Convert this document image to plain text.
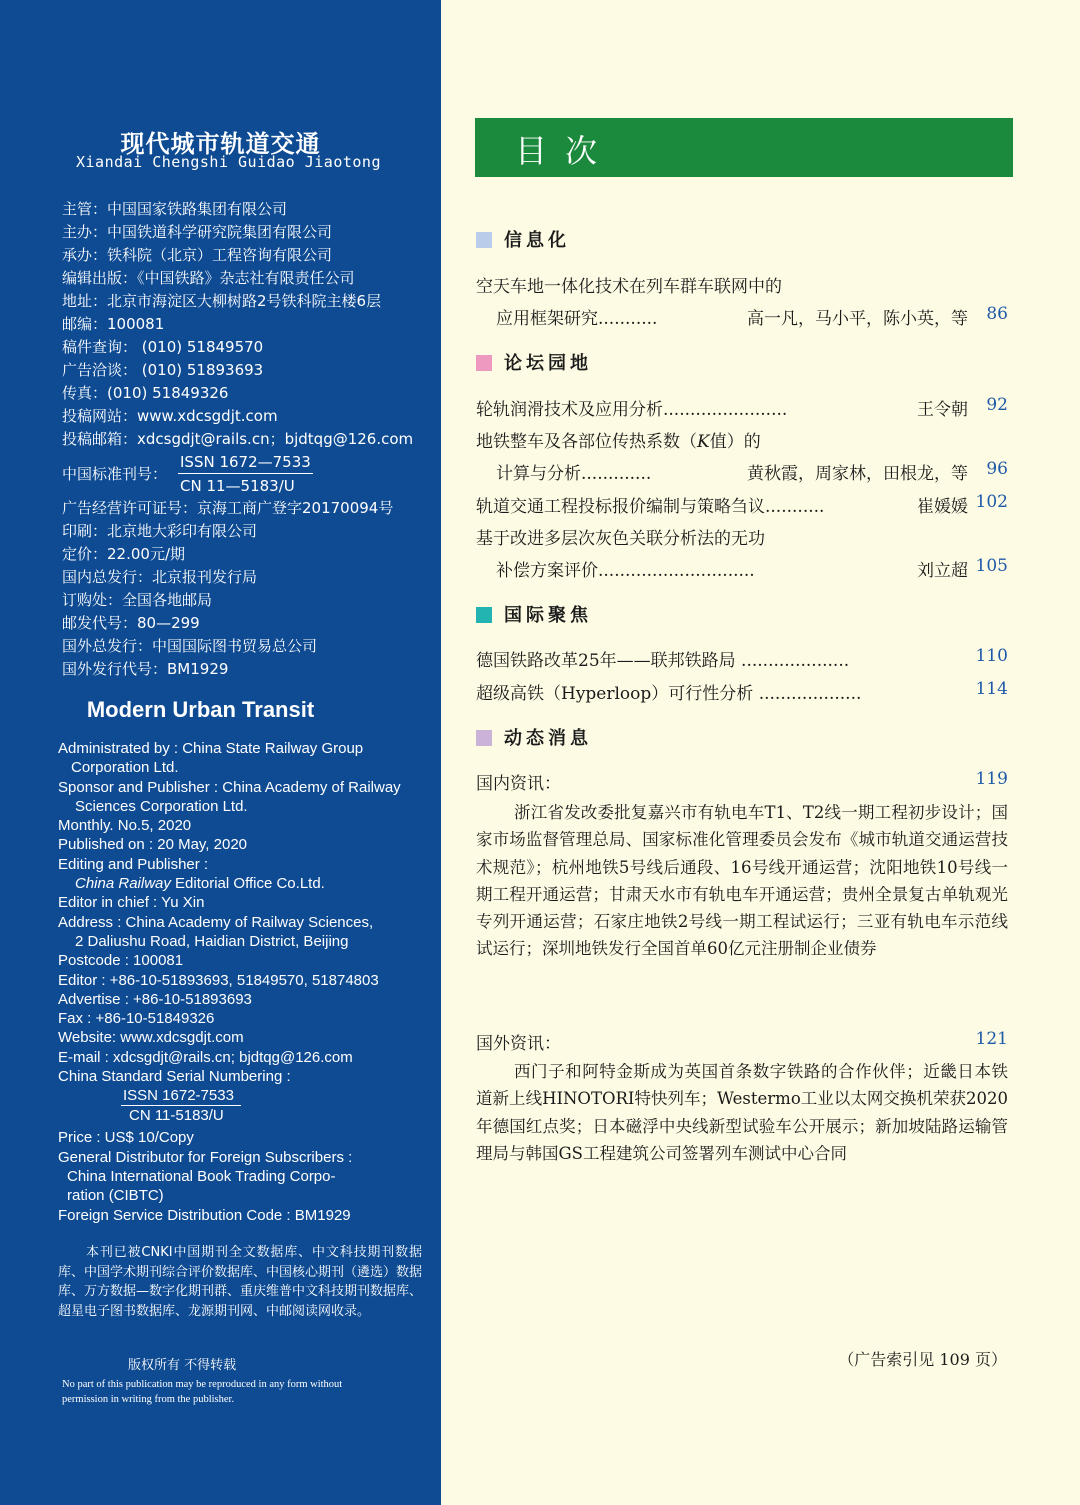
现代城市轨道交通
Xiandai Chengshi Guidao Jiaotong
主管：中国国家铁路集团有限公司
主办：中国铁道科学研究院集团有限公司
承办：铁科院（北京）工程咨询有限公司
编辑出版：《中国铁路》杂志社有限责任公司
地址：北京市海淀区大柳树路2号铁科院主楼6层
邮编：100081
稿件查询： (010) 51849570
广告洽谈： (010) 51893693
传真：(010) 51849326
投稿网站：www.xdcsgdjt.com
投稿邮箱：xdcsgdjt@rails.cn；bjdtqg@126.com
中国标准刊号：
ISSN 1672—7533
CN 11—5183/U
广告经营许可证号：京海工商广登字20170094号
印刷：北京地大彩印有限公司
定价：22.00元/期
国内总发行：北京报刊发行局
订购处：全国各地邮局
邮发代号：80—299
国外总发行：中国国际图书贸易总公司
国外发行代号：BM1929
Modern Urban Transit
Administrated by : China State Railway Group
Corporation Ltd.
Sponsor and Publisher : China Academy of Railway
Sciences Corporation Ltd.
Monthly. No.5, 2020
Published on : 20 May, 2020
Editing and Publisher :
China Railway Editorial Office Co.Ltd.
Editor in chief : Yu Xin
Address : China Academy of Railway Sciences,
2 Daliushu Road, Haidian District, Beijing
Postcode : 100081
Editor : +86-10-51893693, 51849570, 51874803
Advertise : +86-10-51893693
Fax : +86-10-51849326
Website: www.xdcsgdjt.com
E-mail : xdcsgdjt@rails.cn; bjdtqg@126.com
China Standard Serial Numbering :
ISSN 1672-7533
CN 11-5183/U
Price : US$ 10/Copy
General Distributor for Foreign Subscribers :
China International Book Trading Corpo-
ration (CIBTC)
Foreign Service Distribution Code : BM1929
本刊已被CNKI中国期刊全文数据库、中文科技期刊数据库、中国学术期刊综合评价数据库、中国核心期刊（遴选）数据库、万方数据—数字化期刊群、重庆维普中文科技期刊数据库、超星电子图书数据库、龙源期刊网、中邮阅读网收录。
版权所有 不得转载
No part of this publication may be reproduced in any form without permission in writing from the publisher.
目次
信息化
空天车地一体化技术在列车群车联网中的
应用框架研究...........	高一凡，马小平，陈小英，等 86
论坛园地
轮轨润滑技术及应用分析.......................	王令朝 92
地铁整车及各部位传热系数（K值）的
计算与分析.............	黄秋霞，周家林，田根龙，等 96
轨道交通工程投标报价编制与策略刍议...........	崔媛媛 102
基于改进多层次灰色关联分析法的无功
补偿方案评价.............................	刘立超 105
国际聚焦
德国铁路改革25年——联邦铁路局 ....................	110
超级高铁（Hyperloop）可行性分析 ...................	114
动态消息
国内资讯：	119
浙江省发改委批复嘉兴市有轨电车T1、T2线一期工程初步设计；国家市场监督管理总局、国家标准化管理委员会发布《城市轨道交通运营技术规范》；杭州地铁5号线后通段、16号线开通运营；沈阳地铁10号线一期工程开通运营；甘肃天水市有轨电车开通运营；贵州全景复古单轨观光专列开通运营；石家庄地铁2号线一期工程试运行；三亚有轨电车示范线试运行；深圳地铁发行全国首单60亿元注册制企业债券
国外资讯：	121
西门子和阿特金斯成为英国首条数字铁路的合作伙伴；近畿日本铁道新上线HINOTORI特快列车；Westermo工业以太网交换机荣获2020年德国红点奖；日本磁浮中央线新型试验车公开展示；新加坡陆路运输管理局与韩国GS工程建筑公司签署列车测试中心合同
（广告索引见 109 页）
